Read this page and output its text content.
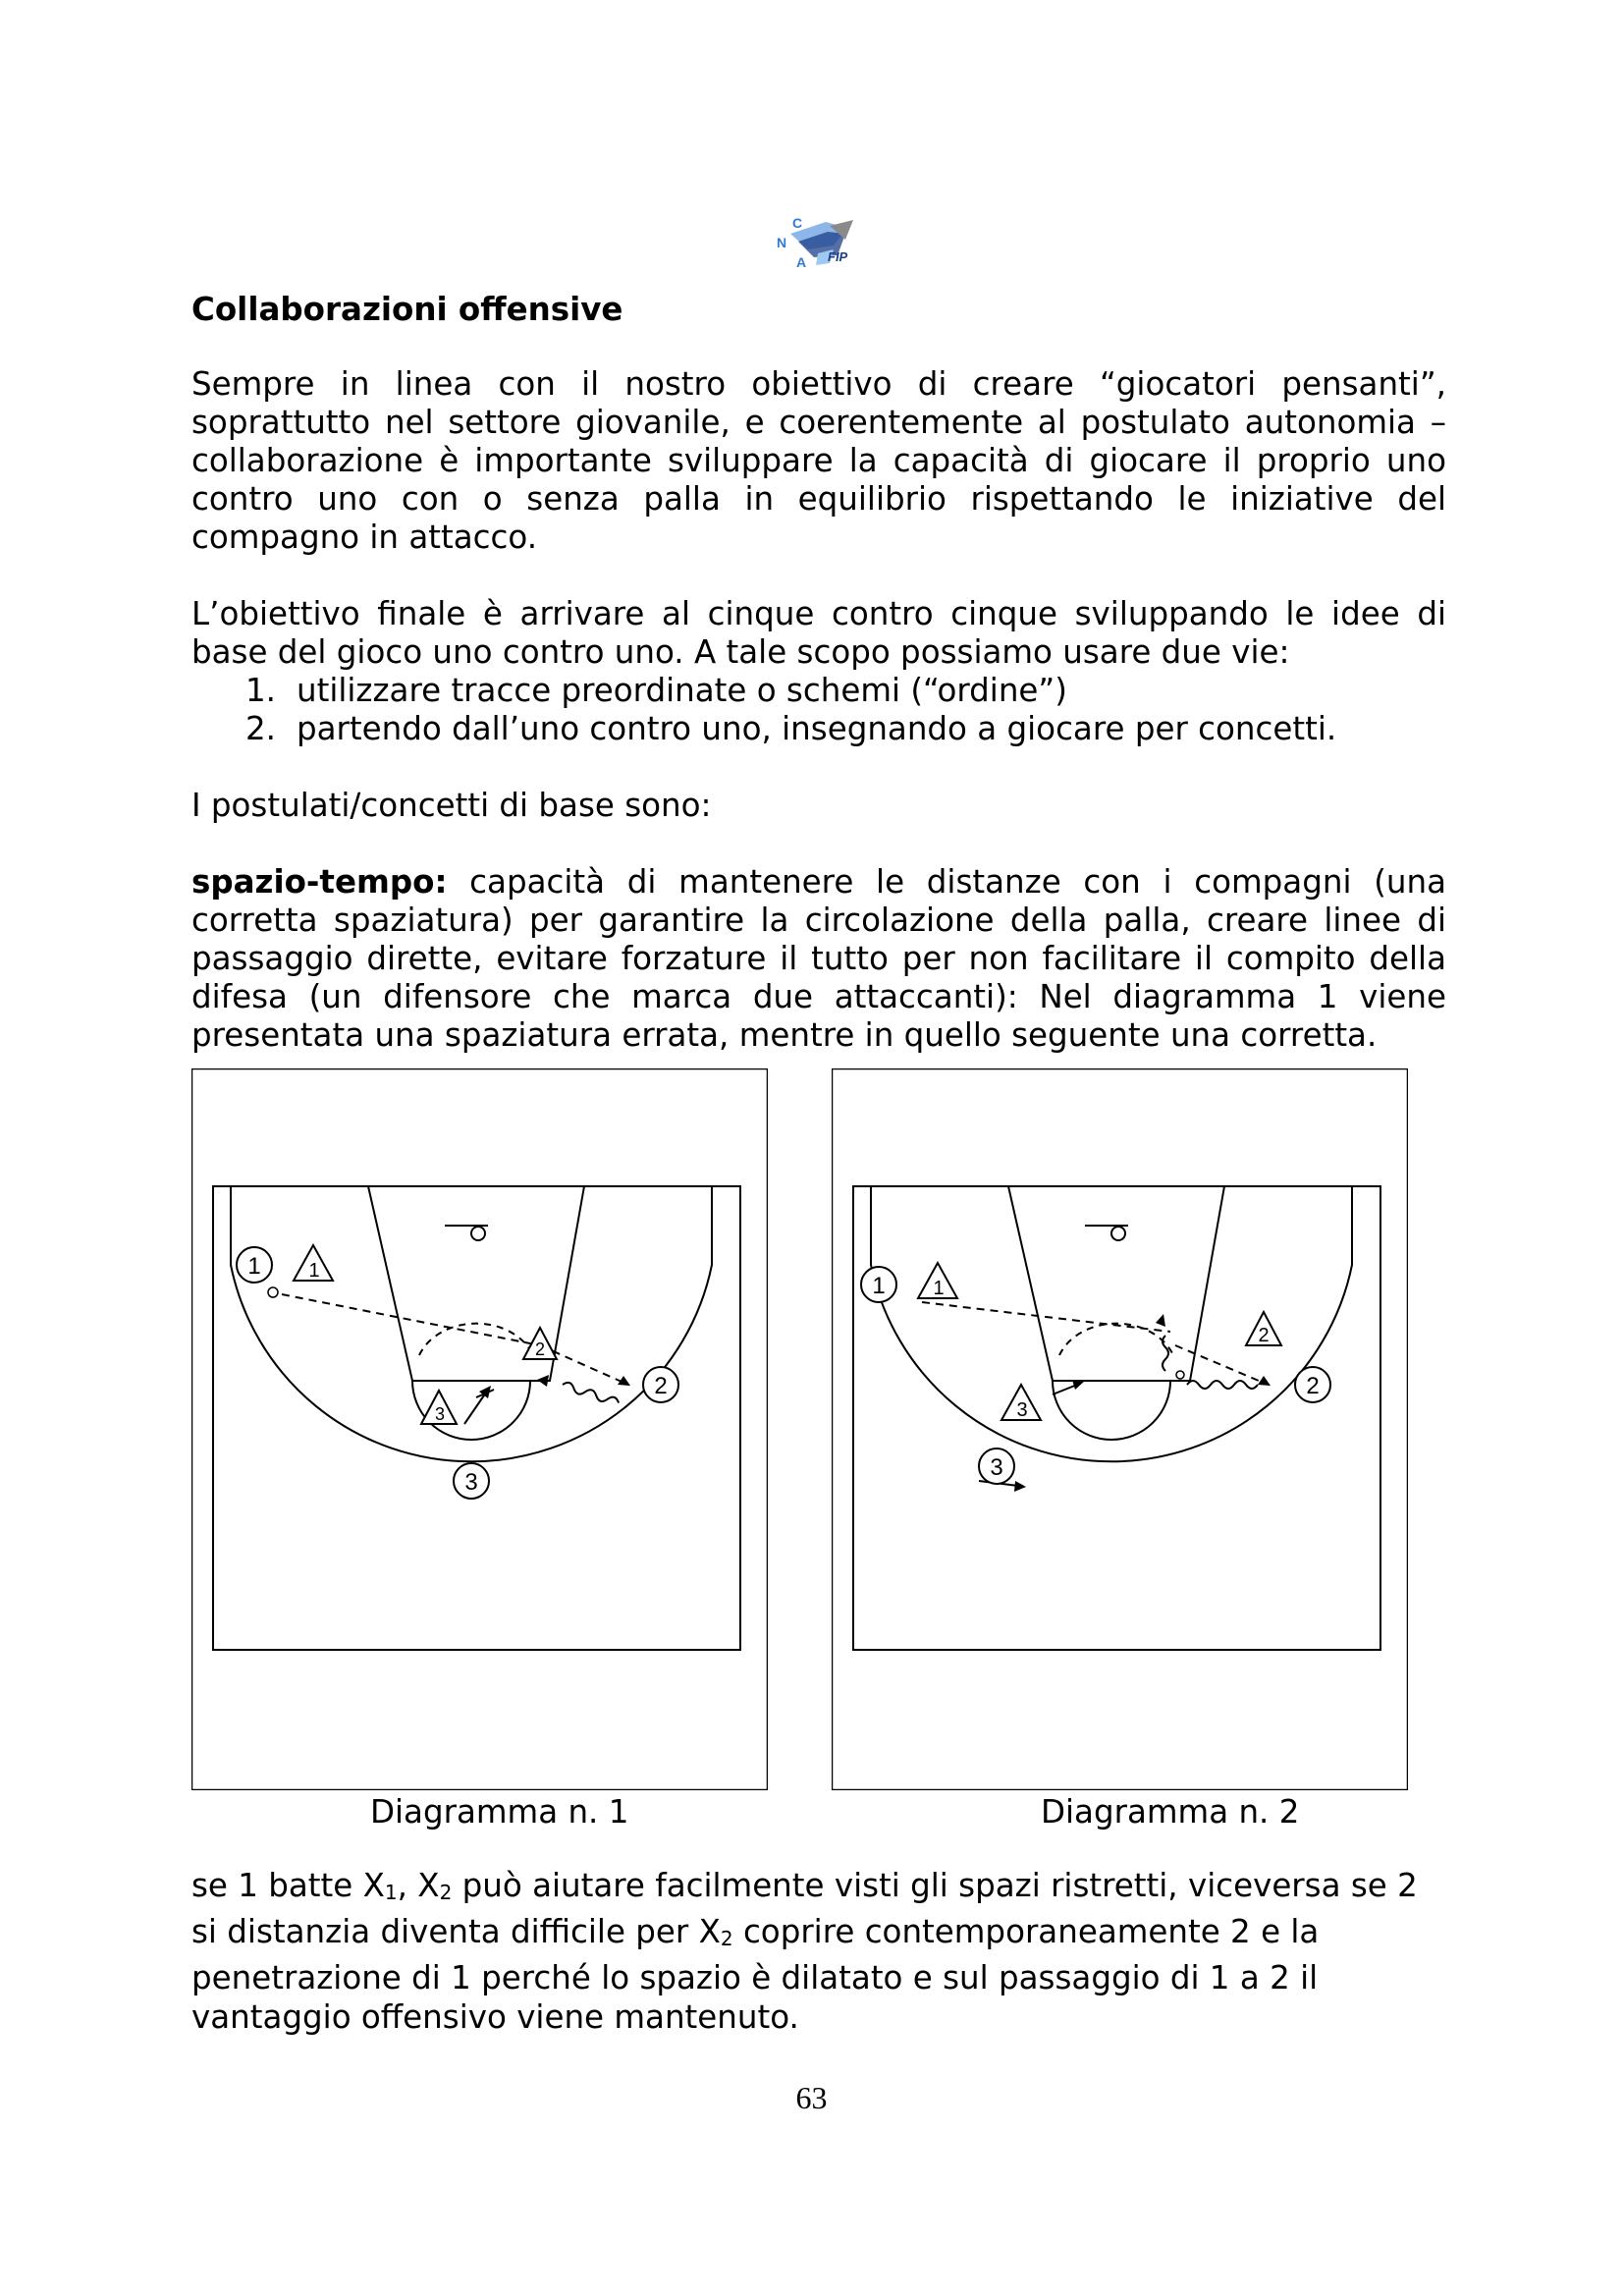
C
N
A FIP
Collaborazioni offensive

Sempre in linea con il nostro obiettivo di creare “giocatori pensanti”, soprattutto nel settore giovanile, e coerentemente al postulato autonomia – collaborazione è importante sviluppare la capacità di giocare il proprio uno contro uno con o senza palla in equilibrio rispettando le iniziative del compagno in attacco.

L’obiettivo finale è arrivare al cinque contro cinque sviluppando le idee di base del gioco uno contro uno. A tale scopo possiamo usare due vie:

1. utilizzare tracce preordinate o schemi (“ordine”)
2. partendo dall’uno contro uno, insegnando a giocare per concetti.

I postulati/concetti di base sono:

spazio-tempo: capacità di mantenere le distanze con i compagni (una corretta spaziatura) per garantire la circolazione della palla, creare linee di passaggio dirette, evitare forzature il tutto per non facilitare il compito della difesa (un difensore che marca due attaccanti): Nel diagramma 1 viene presentata una spaziatura errata, mentre in quello seguente una corretta.

1
2
3
1
2
3
Diagramma n. 1
1
2
3
1
2
3
Diagramma n. 2
se 1 batte $X_1$, $X_2$ può aiutare facilmente visti gli spazi ristretti, viceversa se 2 si distanzia diventa difficile per $X_2$ coprire contemporaneamente 2 e la penetrazione di 1 perché lo spazio è dilatato e sul passaggio di 1 a 2 il vantaggio offensivo viene mantenuto.
63
